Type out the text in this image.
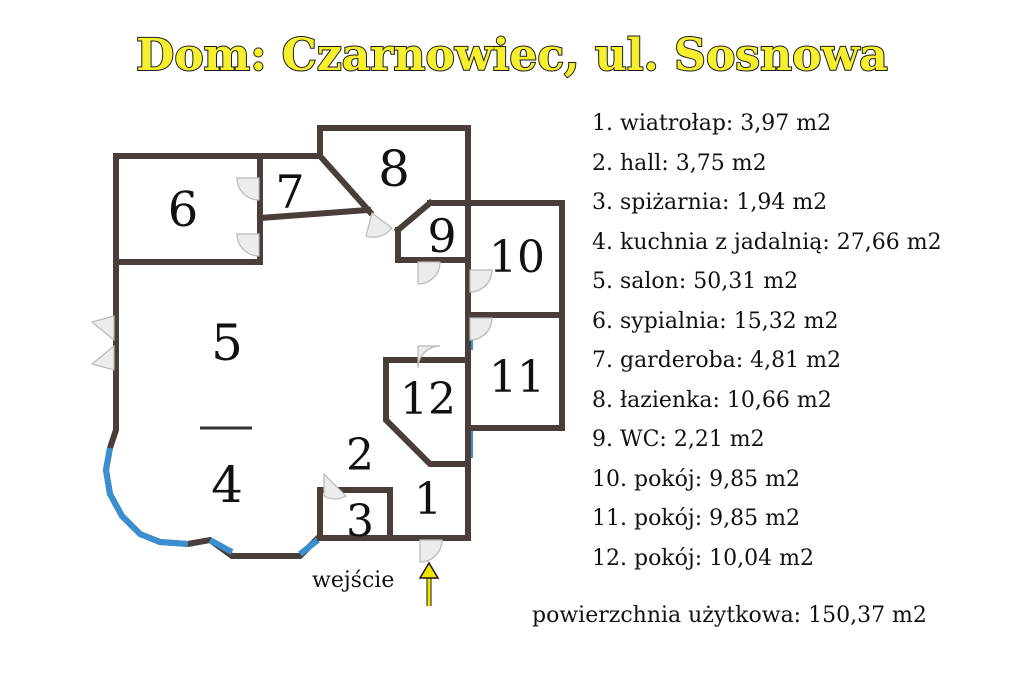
Dom: Czarnowiec, ul. Sosnowa
5
4
6 7 8
9 10
11
12
2
3 1
wejście
1. wiatrołap: 3,97 m2
2. hall: 3,75 m2
3. spiżarnia: 1,94 m2
4. kuchnia z jadalnią: 27,66 m2
5. salon: 50,31 m2
6. sypialnia: 15,32 m2
7. garderoba: 4,81 m2
8. łazienka: 10,66 m2
9. WC: 2,21 m2
10. pokój: 9,85 m2
11. pokój: 9,85 m2
12. pokój: 10,04 m2
powierzchnia użytkowa: 150,37 m2
